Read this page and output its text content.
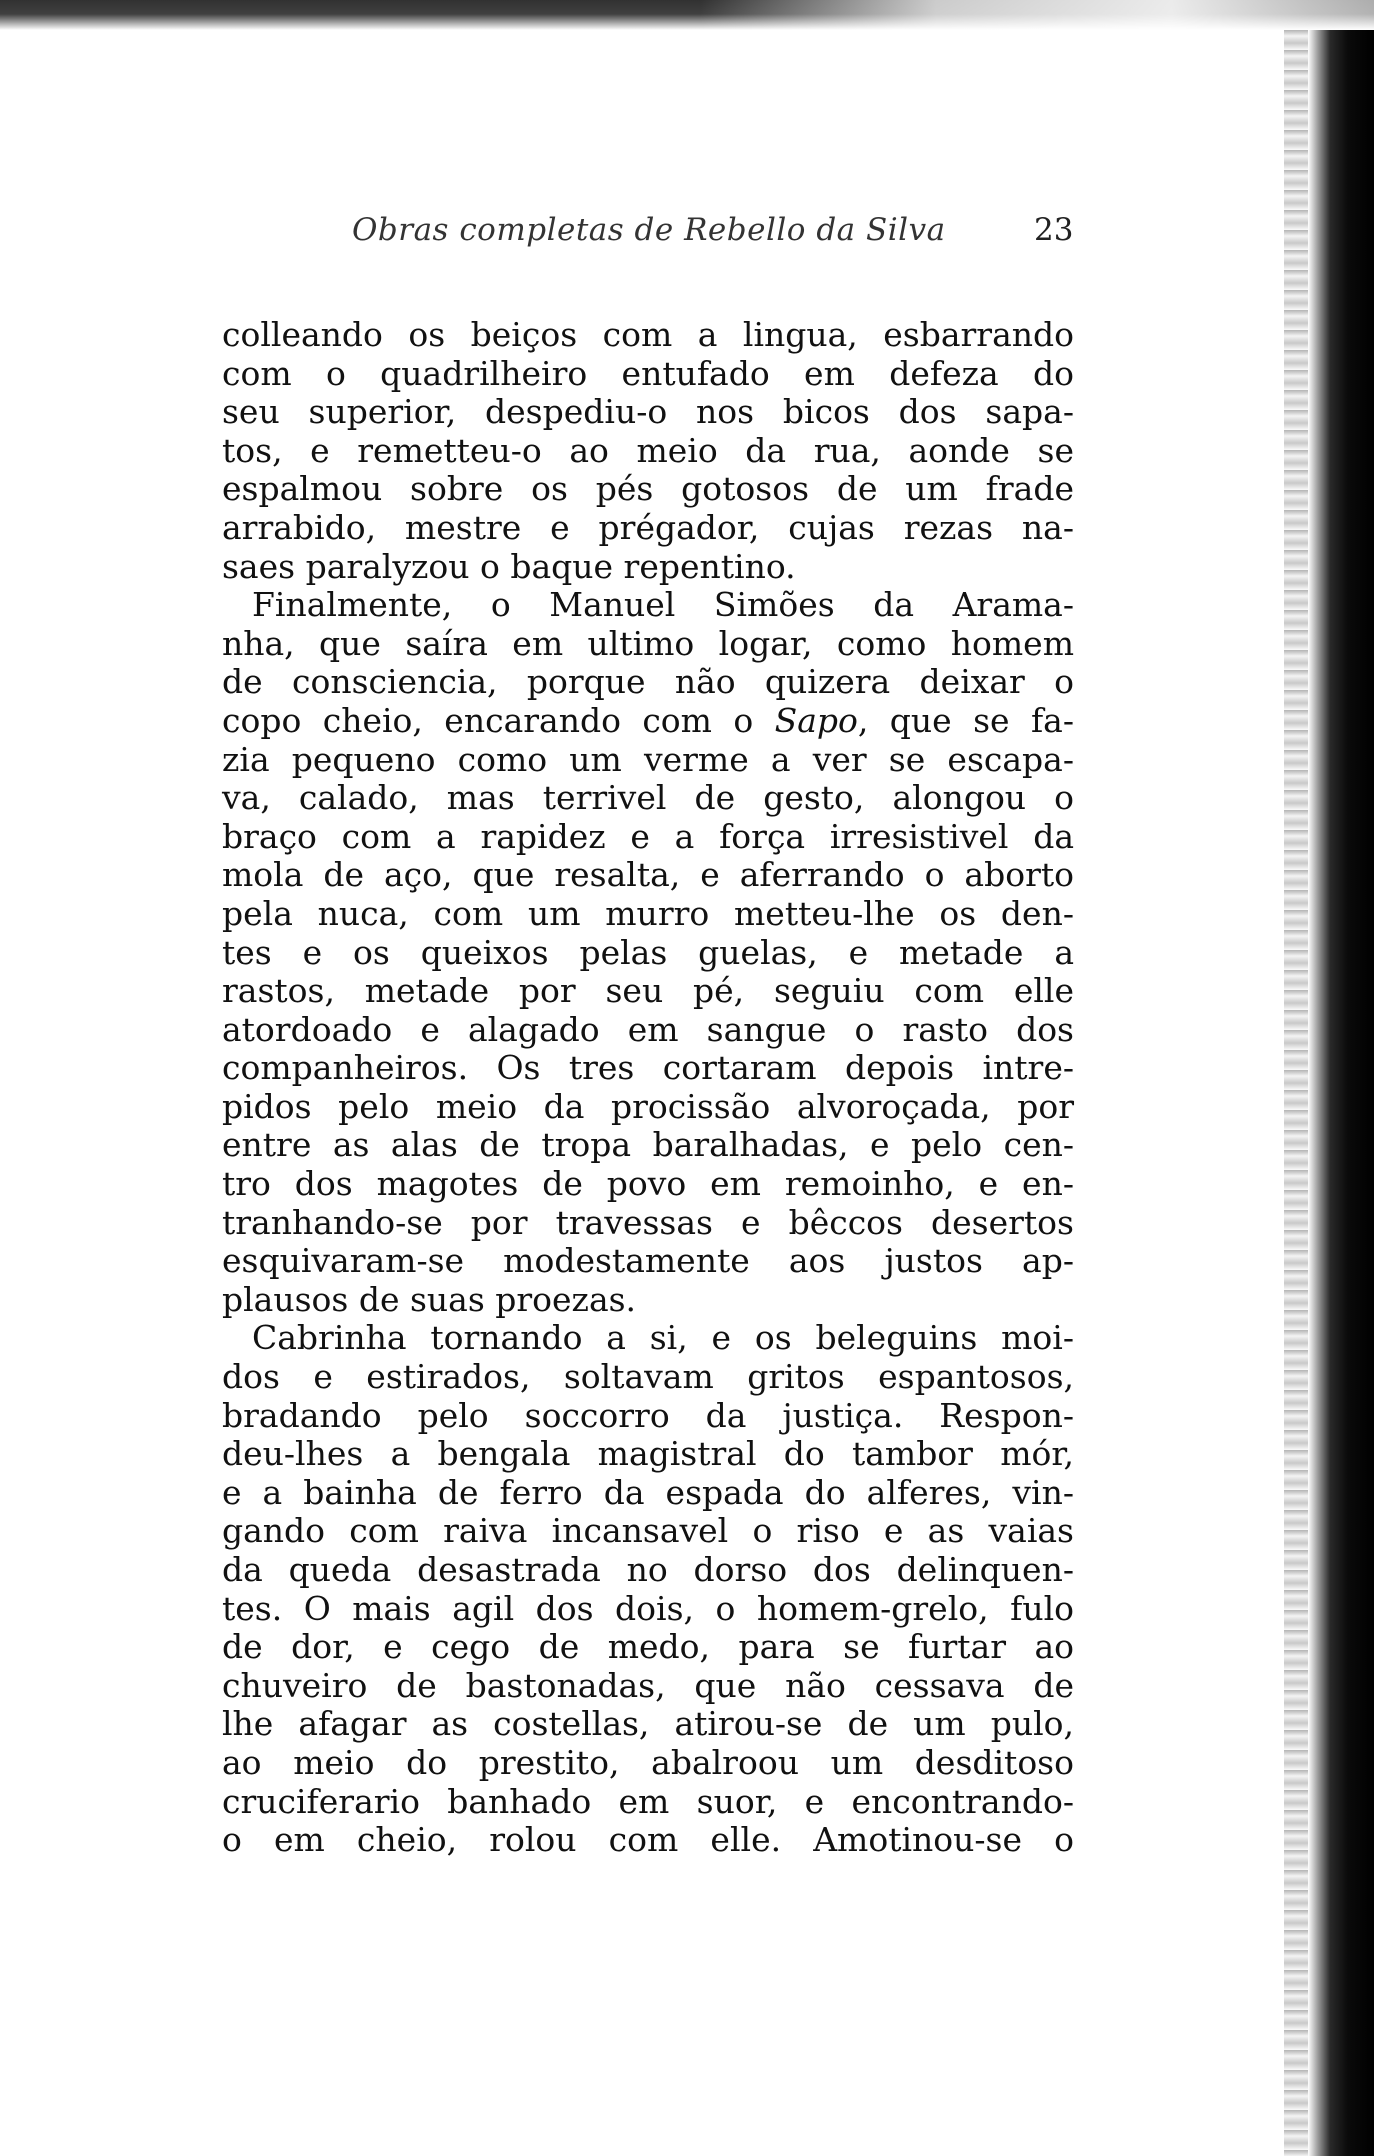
Obras completas de Rebello da Silva	23
colleando os beiços com a lingua, esbarrando
com o quadrilheiro entufado em defeza do
seu superior, despediu-o nos bicos dos sapa-
tos, e remetteu-o ao meio da rua, aonde se
espalmou sobre os pés gotosos de um frade
arrabido, mestre e prégador, cujas rezas na-
saes paralyzou o baque repentino.
Finalmente, o Manuel Simões da Arama-
nha, que saíra em ultimo logar, como homem
de consciencia, porque não quizera deixar o
copo cheio, encarando com o Sapo, que se fa-
zia pequeno como um verme a ver se escapa-
va, calado, mas terrivel de gesto, alongou o
braço com a rapidez e a força irresistivel da
mola de aço, que resalta, e aferrando o aborto
pela nuca, com um murro metteu-lhe os den-
tes e os queixos pelas guelas, e metade a
rastos, metade por seu pé, seguiu com elle
atordoado e alagado em sangue o rasto dos
companheiros. Os tres cortaram depois intre-
pidos pelo meio da procissão alvoroçada, por
entre as alas de tropa baralhadas, e pelo cen-
tro dos magotes de povo em remoinho, e en-
tranhando-se por travessas e bêccos desertos
esquivaram-se modestamente aos justos ap-
plausos de suas proezas.
Cabrinha tornando a si, e os beleguins moi-
dos e estirados, soltavam gritos espantosos,
bradando pelo soccorro da justiça. Respon-
deu-lhes a bengala magistral do tambor mór,
e a bainha de ferro da espada do alferes, vin-
gando com raiva incansavel o riso e as vaias
da queda desastrada no dorso dos delinquen-
tes. O mais agil dos dois, o homem-grelo, fulo
de dor, e cego de medo, para se furtar ao
chuveiro de bastonadas, que não cessava de
lhe afagar as costellas, atirou-se de um pulo,
ao meio do prestito, abalroou um desditoso
cruciferario banhado em suor, e encontrando-
o em cheio, rolou com elle. Amotinou-se o
